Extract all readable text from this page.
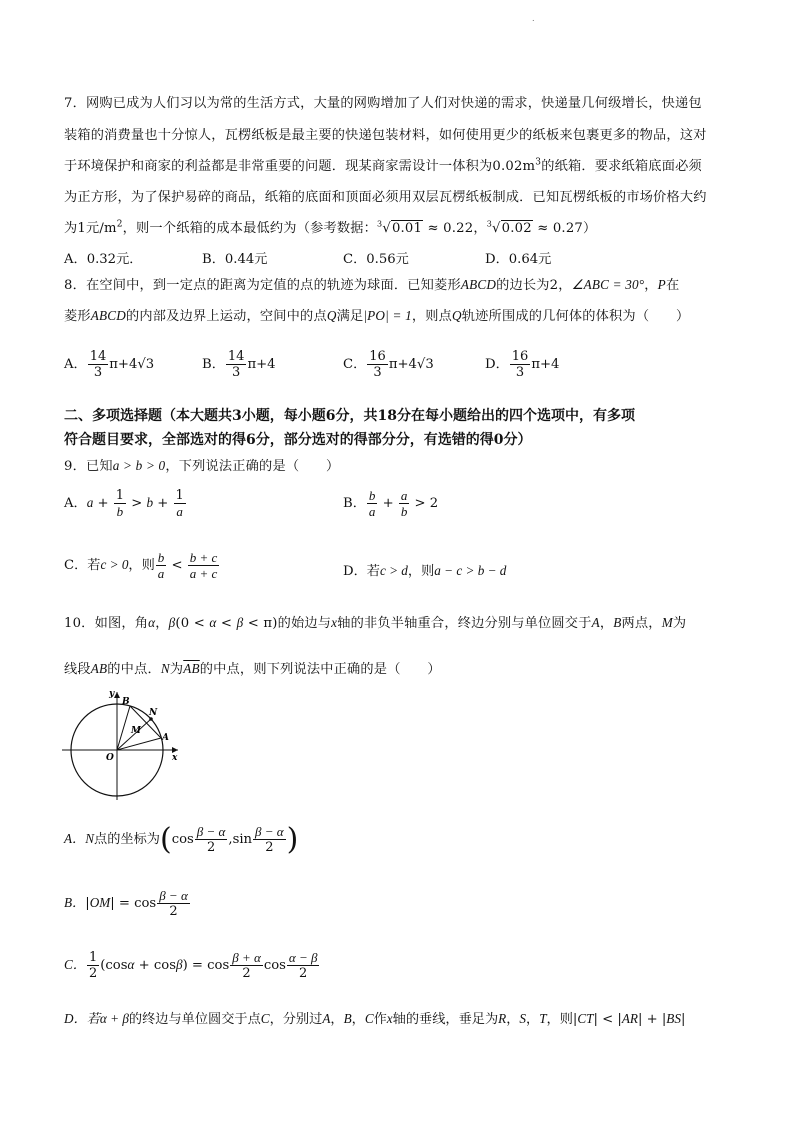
.
7．网购已成为人们习以为常的生活方式，大量的网购增加了人们对快递的需求，快递量几何级增长，快递包
装箱的消费量也十分惊人，瓦楞纸板是最主要的快递包装材料，如何使用更少的纸板来包裹更多的物品，这对
于环境保护和商家的利益都是非常重要的问题．现某商家需设计一体积为$0.02m^3$的纸箱．要求纸箱底面必须
为正方形，为了保护易碎的商品，纸箱的底面和顶面必须用双层瓦楞纸板制成．已知瓦楞纸板的市场价格大约
为1元$/m^2$，则一个纸箱的成本最低约为（参考数据：$^3$√0.01 ≈ 0.22，$^3$√0.02 ≈ 0.27）
A．0.32元．	B．0.44元	C．0.56元	D．0.64元
8．在空间中，到一定点的距离为定值的点的轨迹为球面．已知菱形ABCD的边长为2，∠ABC = 30°，P在
菱形ABCD的内部及边界上运动，空间中的点Q满足|PO| = 1，则点Q轨迹所围成的几何体的体积为（　　）
A． $\frac{14}{3} \pi+4√3$	B． $\frac{14}{3} \pi+4$	C． $\frac{16}{3} \pi+4√3$	D． $\frac{16}{3} \pi+4$
二、多项选择题（本大题共3小题，每小题6分，共18分在每小题给出的四个选项中，有多项
符合题目要求，全部选对的得6分，部分选对的得部分分，有选错的得0分）
9．已知a > b > 0，下列说法正确的是（　　）
A．$a + \frac{1}{b} > b + \frac{1}{a}$	B． $\frac{b}{a} + \frac{a}{b} > 2$
C．若c > 0，则 $\frac{b}{a} < \frac{b + c}{a + c}$	D．若c > d，则a − c > b − d
10．如图，角α，β(0 < α < β < π)的始边与x轴的非负半轴重合，终边分别与单位圆交于A，B两点，M为
线段AB的中点．N为$\overline{AB}$的中点，则下列说法中正确的是（　　）
y
x
B
N
M
A
O
A．N点的坐标为($\cos \frac{\beta - \alpha}{2} ,\sin \frac{\beta - \alpha}{2}$ )
B．$|OM| = \cos \frac{\beta - \alpha}{2}$
C． $\frac{1}{2} (\cos\alpha + \cos\beta) = \cos \frac{\beta + \alpha}{2}$ $\cos \frac{\alpha - \beta}{2}$
D．若α + β的终边与单位圆交于点C，分别过A，B，C作x轴的垂线，垂足为R，S，T，则|CT| < |AR| + |BS|
